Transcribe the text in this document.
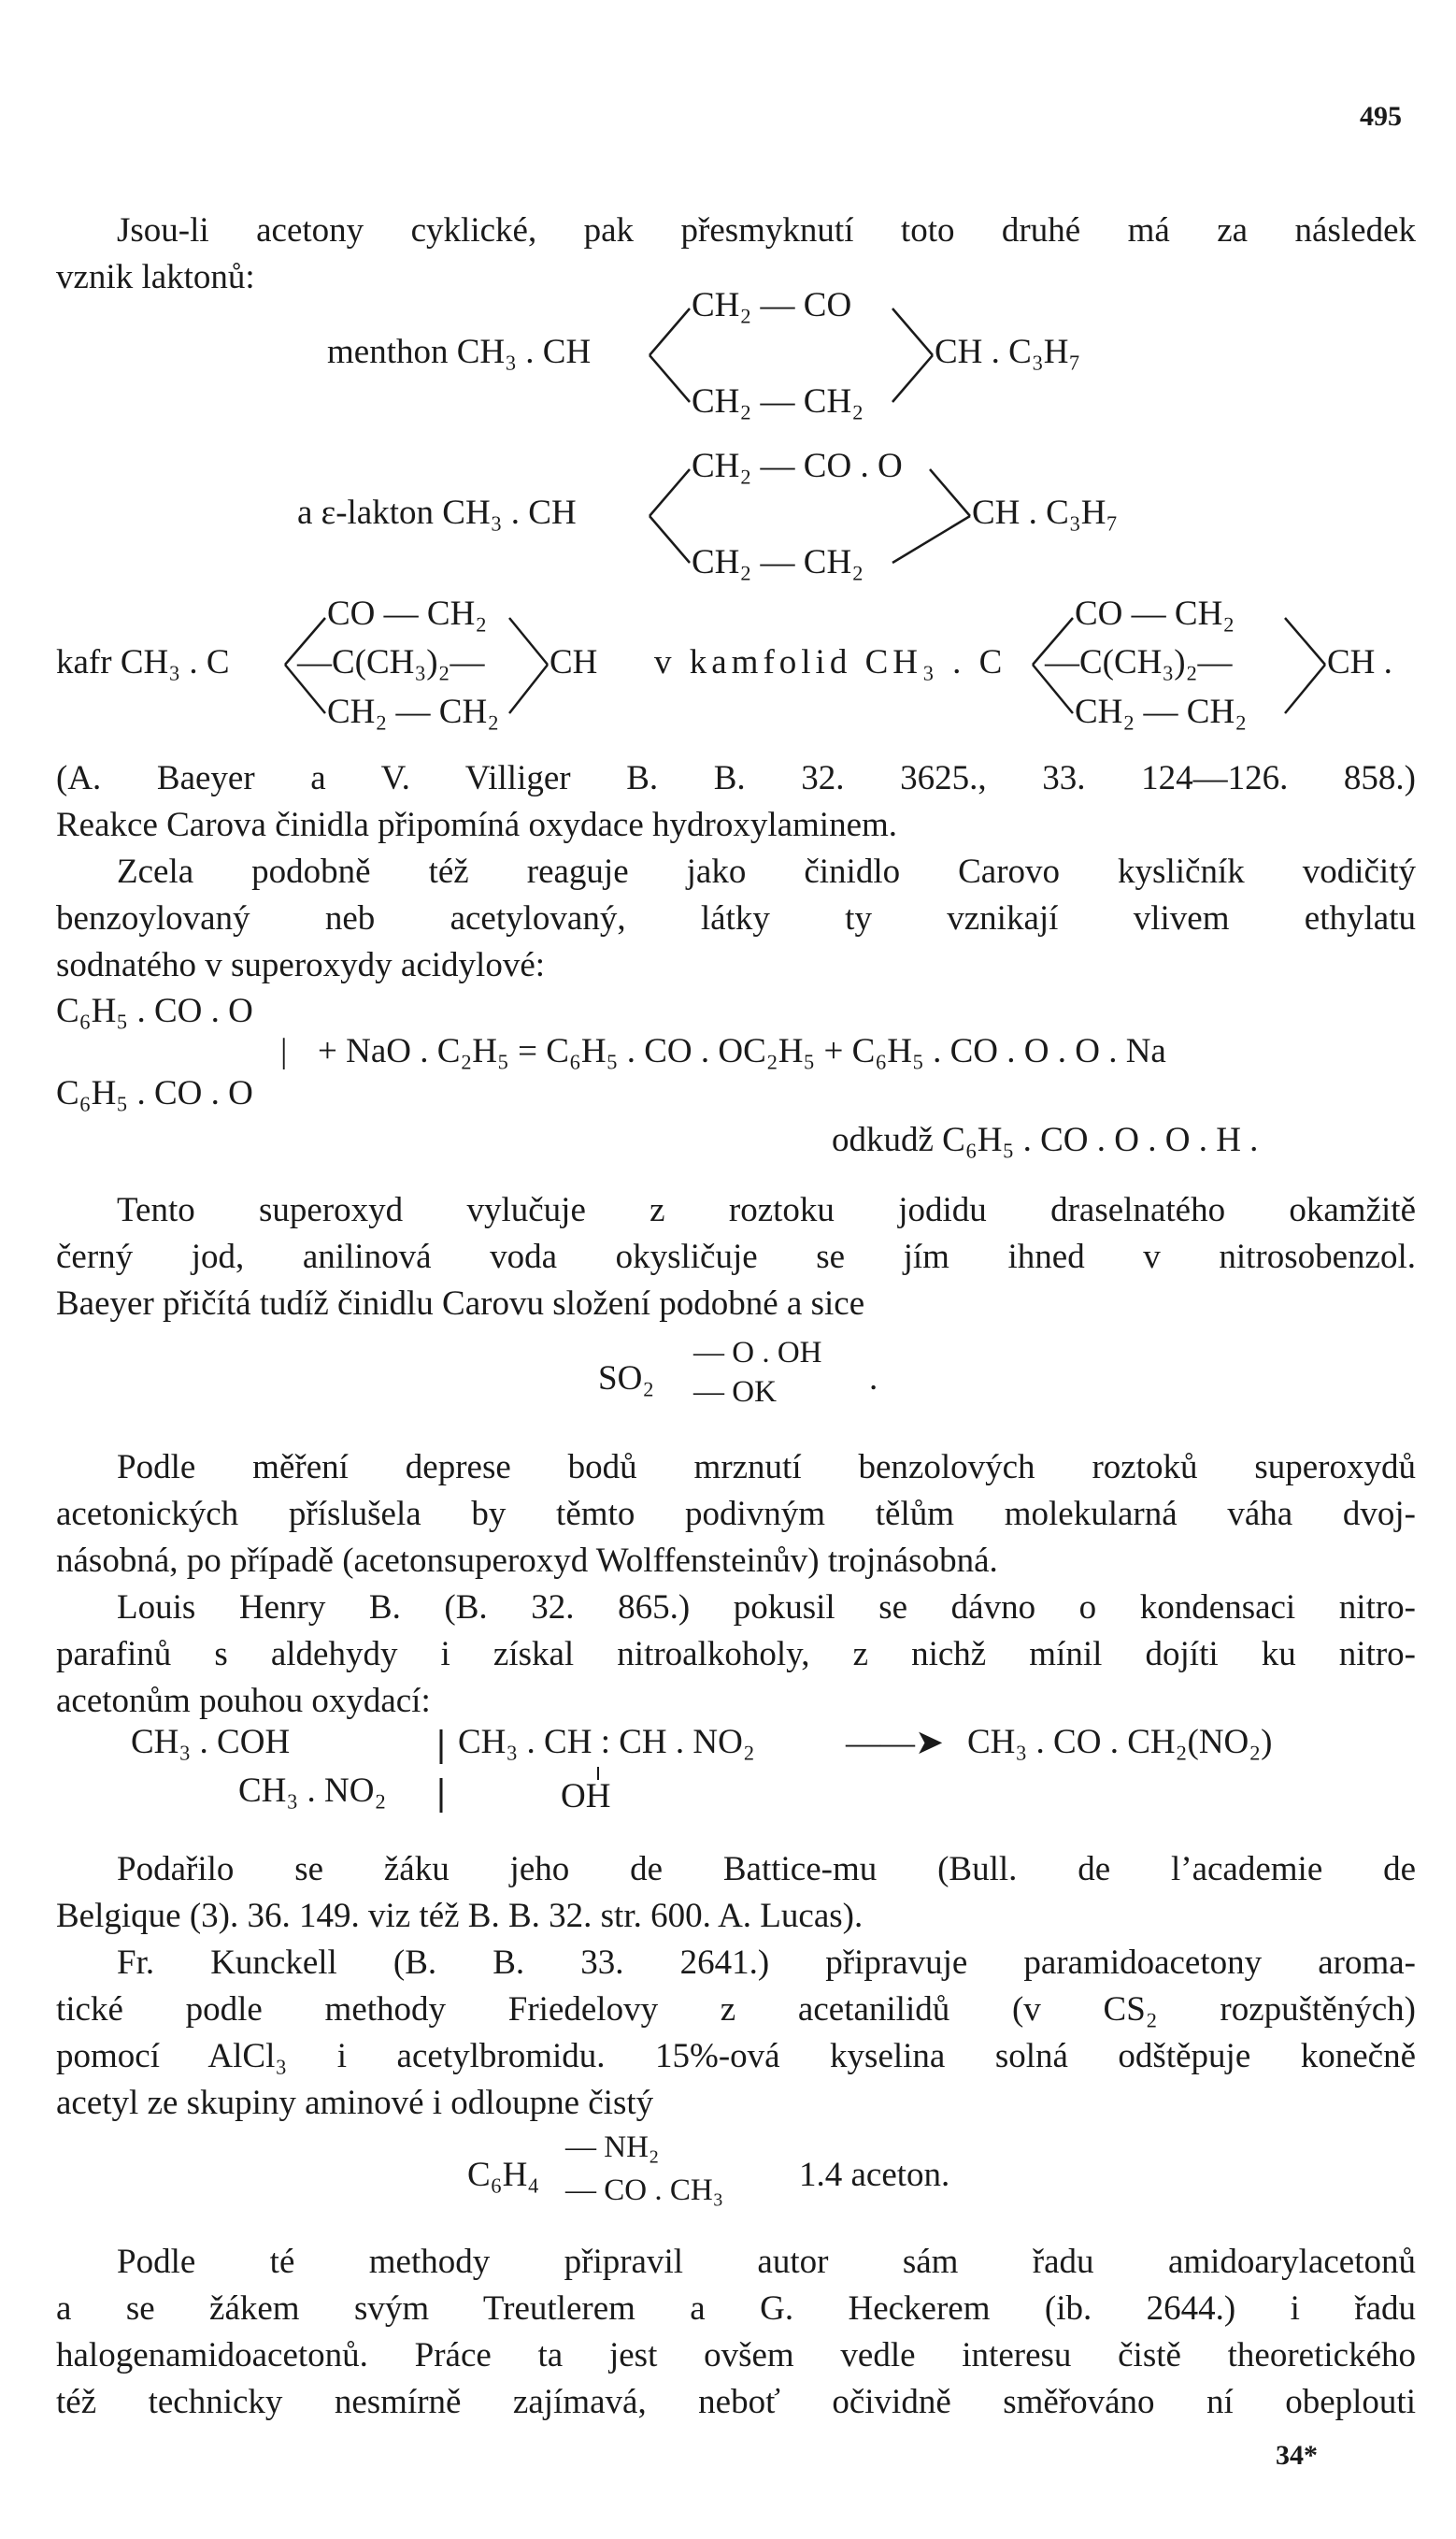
495
Jsou-li acetony cyklické, pak přesmyknutí toto druhé má za následek
vznik laktonů:
menthon CH₃ . CH
CH₂ — CO
CH₂ — CH₂
CH . C₃H₇
a ε-lakton CH₃ . CH
CH₂ — CO . O
CH₂ — CH₂
CH . C₃H₇
kafr CH₃ . C
CO — CH₂
—C(CH₃)₂—
CH₂ — CH₂
CH v kamfolid CH₃ . C
CO — CH₂
—C(CH₃)₂—
CH₂ — CH₂
CH .
(A. Baeyer a V. Villiger B. B. 32. 3625., 33. 124—126. 858.)
Reakce Carova činidla připomíná oxydace hydroxylaminem.
Zcela podobně též reaguje jako činidlo Carovo kysličník vodičitý
benzoylovaný neb acetylovaný, látky ty vznikají vlivem ethylatu
sodnatého v superoxydy acidylové:
C₆H₅ . CO . O
|
C₆H₅ . CO . O
+ NaO . C₂H₅ = C₆H₅ . CO . OC₂H₅ + C₆H₅ . CO . O . O . Na
odkudž C₆H₅ . CO . O . O . H .
Tento superoxyd vylučuje z roztoku jodidu draselnatého okamžitě
černý jod, anilinová voda okysličuje se jím ihned v nitrosobenzol.
Baeyer přičítá tudíž činidlu Carovu složení podobné a sice
SO₂
— O . OH
— OK	.
Podle měření deprese bodů mrznutí benzolových roztoků superoxydů
acetonických příslušela by těmto podivným tělům molekularná váha dvoj-
násobná, po případě (acetonsuperoxyd Wolffensteinův) trojnásobná.
Louis Henry B. (B. 32. 865.) pokusil se dávno o kondensaci nitro-
parafinů s aldehydy i získal nitroalkoholy, z nichž mínil dojíti ku nitro-
acetonům pouhou oxydací:
CH₃ . COH
CH₃ . NO₂
CH₃ . CH : CH . NO₂
OH
——➤ CH₃ . CO . CH₂(NO₂)
Podařilo se žáku jeho de Battice-mu (Bull. de l’academie de
Belgique (3). 36. 149. viz též B. B. 32. str. 600. A. Lucas).
Fr. Kunckell (B. B. 33. 2641.) připravuje paramidoacetony aroma-
tické podle methody Friedelovy z acetanilidů (v CS₂ rozpuštěných)
pomocí AlCl₃ i acetylbromidu. 15%-ová kyselina solná odštěpuje konečně
acetyl ze skupiny aminové i odloupne čistý
C₆H₄
— NH₂
— CO . CH₃ 1.4 aceton.
Podle té methody připravil autor sám řadu amidoarylacetonů
a se žákem svým Treutlerem a G. Heckerem (ib. 2644.) i řadu
halogenamidoacetonů. Práce ta jest ovšem vedle interesu čistě theoretického
též technicky nesmírně zajímavá, neboť očividně směřováno ní obeplouti
34*
